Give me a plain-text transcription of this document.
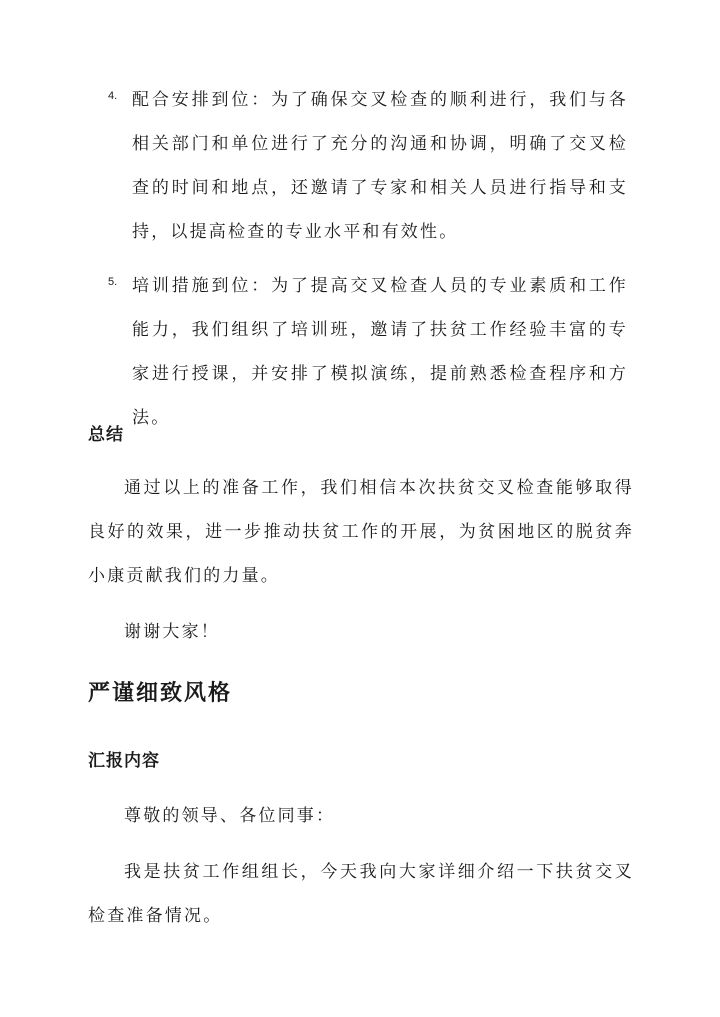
4. 配合安排到位：为了确保交叉检查的顺利进行，我们与各相关部门和单位进行了充分的沟通和协调，明确了交叉检查的时间和地点，还邀请了专家和相关人员进行指导和支持，以提高检查的专业水平和有效性。
5. 培训措施到位：为了提高交叉检查人员的专业素质和工作能力，我们组织了培训班，邀请了扶贫工作经验丰富的专家进行授课，并安排了模拟演练，提前熟悉检查程序和方法。
总结
通过以上的准备工作，我们相信本次扶贫交叉检查能够取得良好的效果，进一步推动扶贫工作的开展，为贫困地区的脱贫奔小康贡献我们的力量。
谢谢大家！
严谨细致风格
汇报内容
尊敬的领导、各位同事：
我是扶贫工作组组长，今天我向大家详细介绍一下扶贫交叉检查准备情况。
